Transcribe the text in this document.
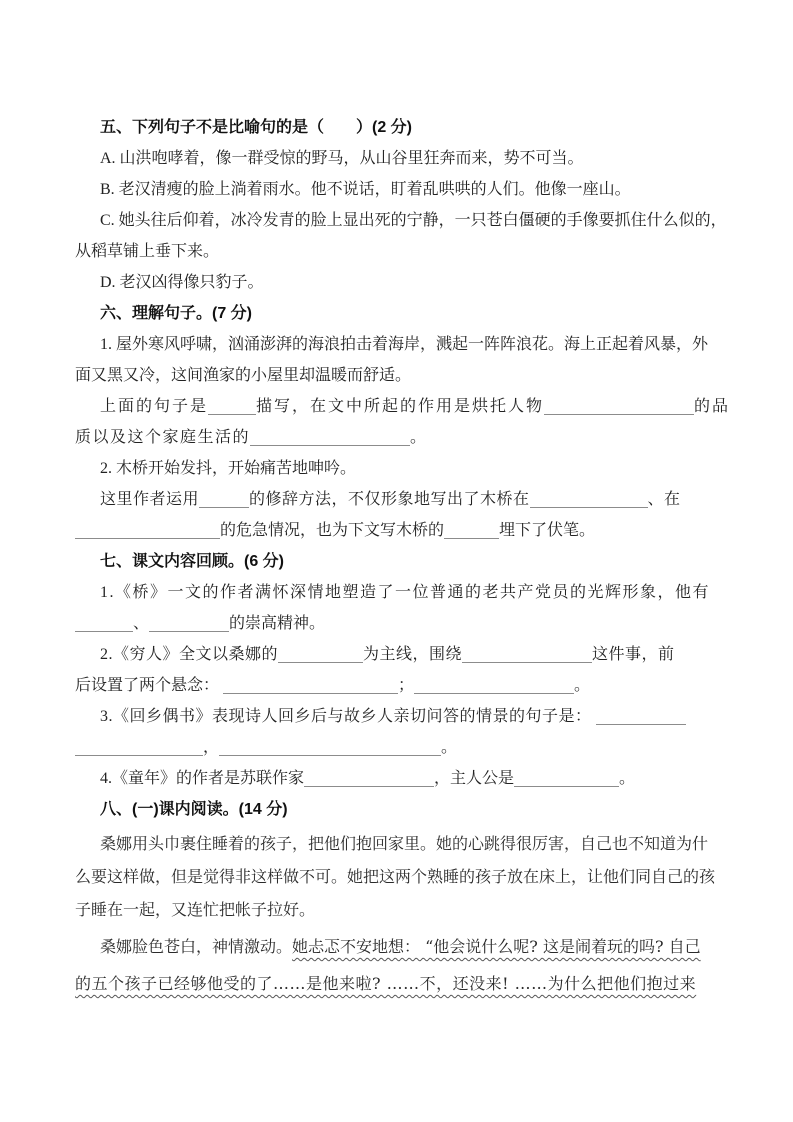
五、下列句子不是比喻句的是（　　）(2 分)
A. 山洪咆哮着，像一群受惊的野马，从山谷里狂奔而来，势不可当。
B. 老汉清瘦的脸上淌着雨水。他不说话，盯着乱哄哄的人们。他像一座山。
C. 她头往后仰着，冰冷发青的脸上显出死的宁静，一只苍白僵硬的手像要抓住什么似的，
从稻草铺上垂下来。
D. 老汉凶得像只豹子。
六、理解句子。(7 分)
1. 屋外寒风呼啸，汹涌澎湃的海浪拍击着海岸，溅起一阵阵浪花。海上正起着风暴，外
面又黑又冷，这间渔家的小屋里却温暖而舒适。
上面的句子是	描写，在文中所起的作用是烘托人物	的品
质以及这个家庭生活的	。
2. 木桥开始发抖，开始痛苦地呻吟。
这里作者运用	的修辞方法，不仅形象地写出了木桥在	、在
的危急情况，也为下文写木桥的	埋下了伏笔。
七、课文内容回顾。(6 分)
1.《桥》一文的作者满怀深情地塑造了一位普通的老共产党员的光辉形象，他有
、	的崇高精神。
2.《穷人》全文以桑娜的	为主线，围绕	这件事，前
后设置了两个悬念：	；	。
3.《回乡偶书》表现诗人回乡后与故乡人亲切问答的情景的句子是：
，	。
4.《童年》的作者是苏联作家	，主人公是	。
八、(一)课内阅读。(14 分)
桑娜用头巾裹住睡着的孩子，把他们抱回家里。她的心跳得很厉害，自己也不知道为什
么要这样做，但是觉得非这样做不可。她把这两个熟睡的孩子放在床上，让他们同自己的孩
子睡在一起，又连忙把帐子拉好。
桑娜脸色苍白，神情激动。她忐忑不安地想： “他会说什么呢? 这是闹着玩的吗? 自己
的五个孩子已经够他受的了……是他来啦? ……不，还没来! ……为什么把他们抱过来
